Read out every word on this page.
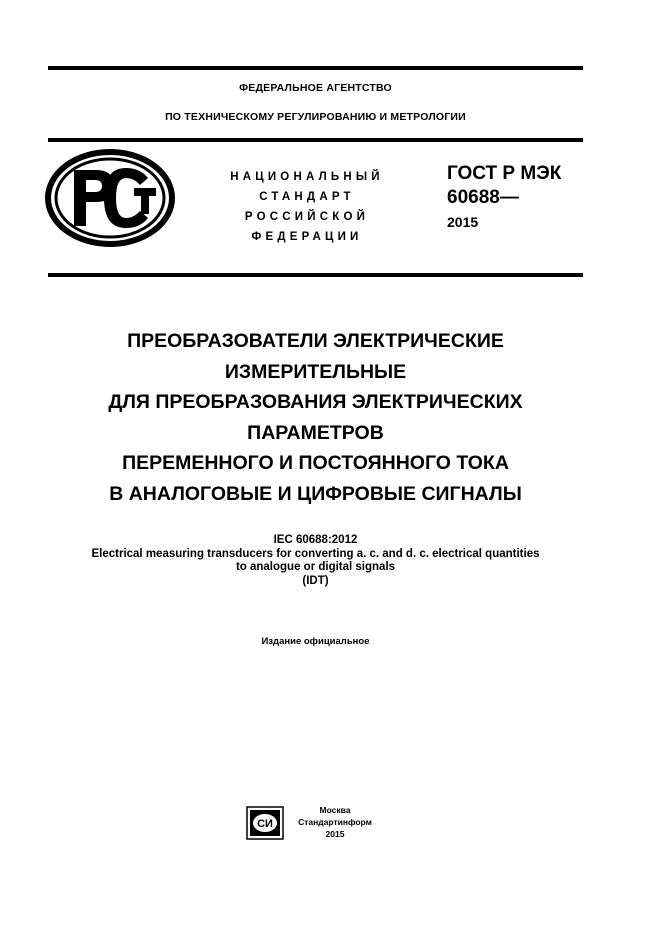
ФЕДЕРАЛЬНОЕ АГЕНТСТВО
ПО ТЕХНИЧЕСКОМУ РЕГУЛИРОВАНИЮ И МЕТРОЛОГИИ
РСТ
НАЦИОНАЛЬНЫЙ
СТАНДАРТ
РОССИЙСКОЙ
ФЕДЕРАЦИИ
ГОСТ Р МЭК
60688—
2015
ПРЕОБРАЗОВАТЕЛИ ЭЛЕКТРИЧЕСКИЕ
ИЗМЕРИТЕЛЬНЫЕ
ДЛЯ ПРЕОБРАЗОВАНИЯ ЭЛЕКТРИЧЕСКИХ
ПАРАМЕТРОВ
ПЕРЕМЕННОГО И ПОСТОЯННОГО ТОКА
В АНАЛОГОВЫЕ И ЦИФРОВЫЕ СИГНАЛЫ
IEC 60688:2012
Electrical measuring transducers for converting a. c. and d. c. electrical quantities
to analogue or digital signals
(IDT)
Издание официальное
СИ
Москва
Стандартинформ
2015
